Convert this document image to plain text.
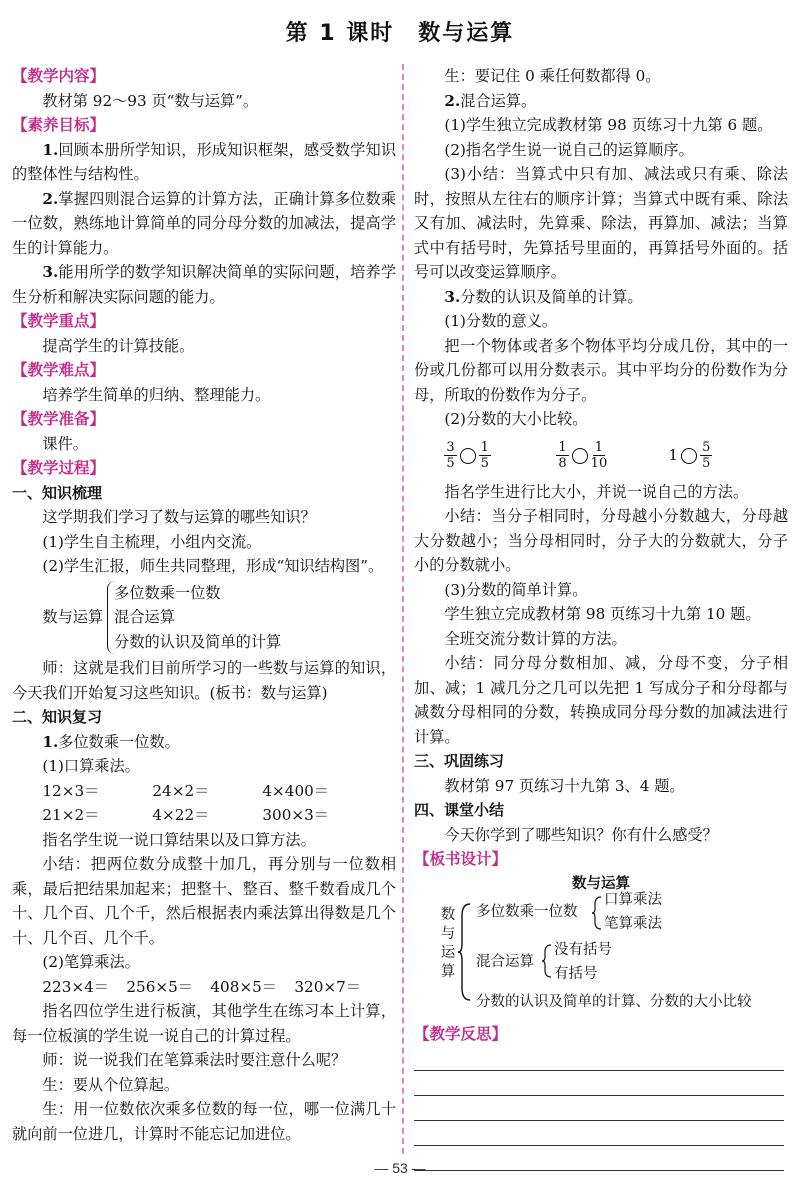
第 1 课时　数与运算

【教学内容】

教材第 92～93 页“数与运算”。

【素养目标】

1.回顾本册所学知识，形成知识框架，感受数学知识的整体性与结构性。

2.掌握四则混合运算的计算方法，正确计算多位数乘一位数，熟练地计算简单的同分母分数的加减法，提高学生的计算能力。

3.能用所学的数学知识解决简单的实际问题，培养学生分析和解决实际问题的能力。

【教学重点】

提高学生的计算技能。

【教学难点】

培养学生简单的归纳、整理能力。

【教学准备】

课件。

【教学过程】

一、知识梳理

这学期我们学习了数与运算的哪些知识？

(1)学生自主梳理，小组内交流。

(2)学生汇报，师生共同整理，形成“知识结构图”。

数与运算
多位数乘一位数
混合运算
分数的认识及简单的计算

师：这就是我们目前所学习的一些数与运算的知识，今天我们开始复习这些知识。(板书：数与运算)

二、知识复习

1.多位数乘一位数。

(1)口算乘法。

12×3＝	24×2＝	4×400＝
21×2＝	4×22＝	300×3＝

指名学生说一说口算结果以及口算方法。

小结：把两位数分成整十加几，再分别与一位数相乘，最后把结果加起来；把整十、整百、整千数看成几个十、几个百、几个千，然后根据表内乘法算出得数是几个十、几个百、几个千。

(2)笔算乘法。

223×4＝	256×5＝	408×5＝	320×7＝

指名四位学生进行板演，其他学生在练习本上计算，每一位板演的学生说一说自己的计算过程。

师：说一说我们在笔算乘法时要注意什么呢？

生：要从个位算起。

生：用一位数依次乘多位数的每一位，哪一位满几十就向前一位进几，计算时不能忘记加进位。

生：要记住 0 乘任何数都得 0。

2.混合运算。

(1)学生独立完成教材第 98 页练习十九第 6 题。

(2)指名学生说一说自己的运算顺序。

(3)小结：当算式中只有加、减法或只有乘、除法时，按照从左往右的顺序计算；当算式中既有乘、除法又有加、减法时，先算乘、除法，再算加、减法；当算式中有括号时，先算括号里面的，再算括号外面的。括号可以改变运算顺序。

3.分数的认识及简单的计算。

(1)分数的意义。

把一个物体或者多个物体平均分成几份，其中的一份或几份都可以用分数表示。其中平均分的份数作为分母，所取的份数作为分子。

(2)分数的大小比较。

$\frac{3}{5} \frac{1}{5}$	$\frac{1}{8} \frac{1}{10}$	$1 \frac{5}{5}$

指名学生进行比大小，并说一说自己的方法。

小结：当分子相同时，分母越小分数越大，分母越大分数越小；当分母相同时，分子大的分数就大，分子小的分数就小。

(3)分数的简单计算。

学生独立完成教材第 98 页练习十九第 10 题。

全班交流分数计算的方法。

小结：同分母分数相加、减，分母不变，分子相加、减；1 减几分之几可以先把 1 写成分子和分母都与减数分母相同的分数，转换成同分母分数的加减法进行计算。

三、巩固练习

教材第 97 页练习十九第 3、4 题。

四、课堂小结

今天你学到了哪些知识？你有什么感受？

【板书设计】

数与运算
数
与
运
算
多位数乘一位数
口算乘法
笔算乘法
混合运算
没有括号
有括号
分数的认识及简单的计算、分数的大小比较

【教学反思】

— 53 —
